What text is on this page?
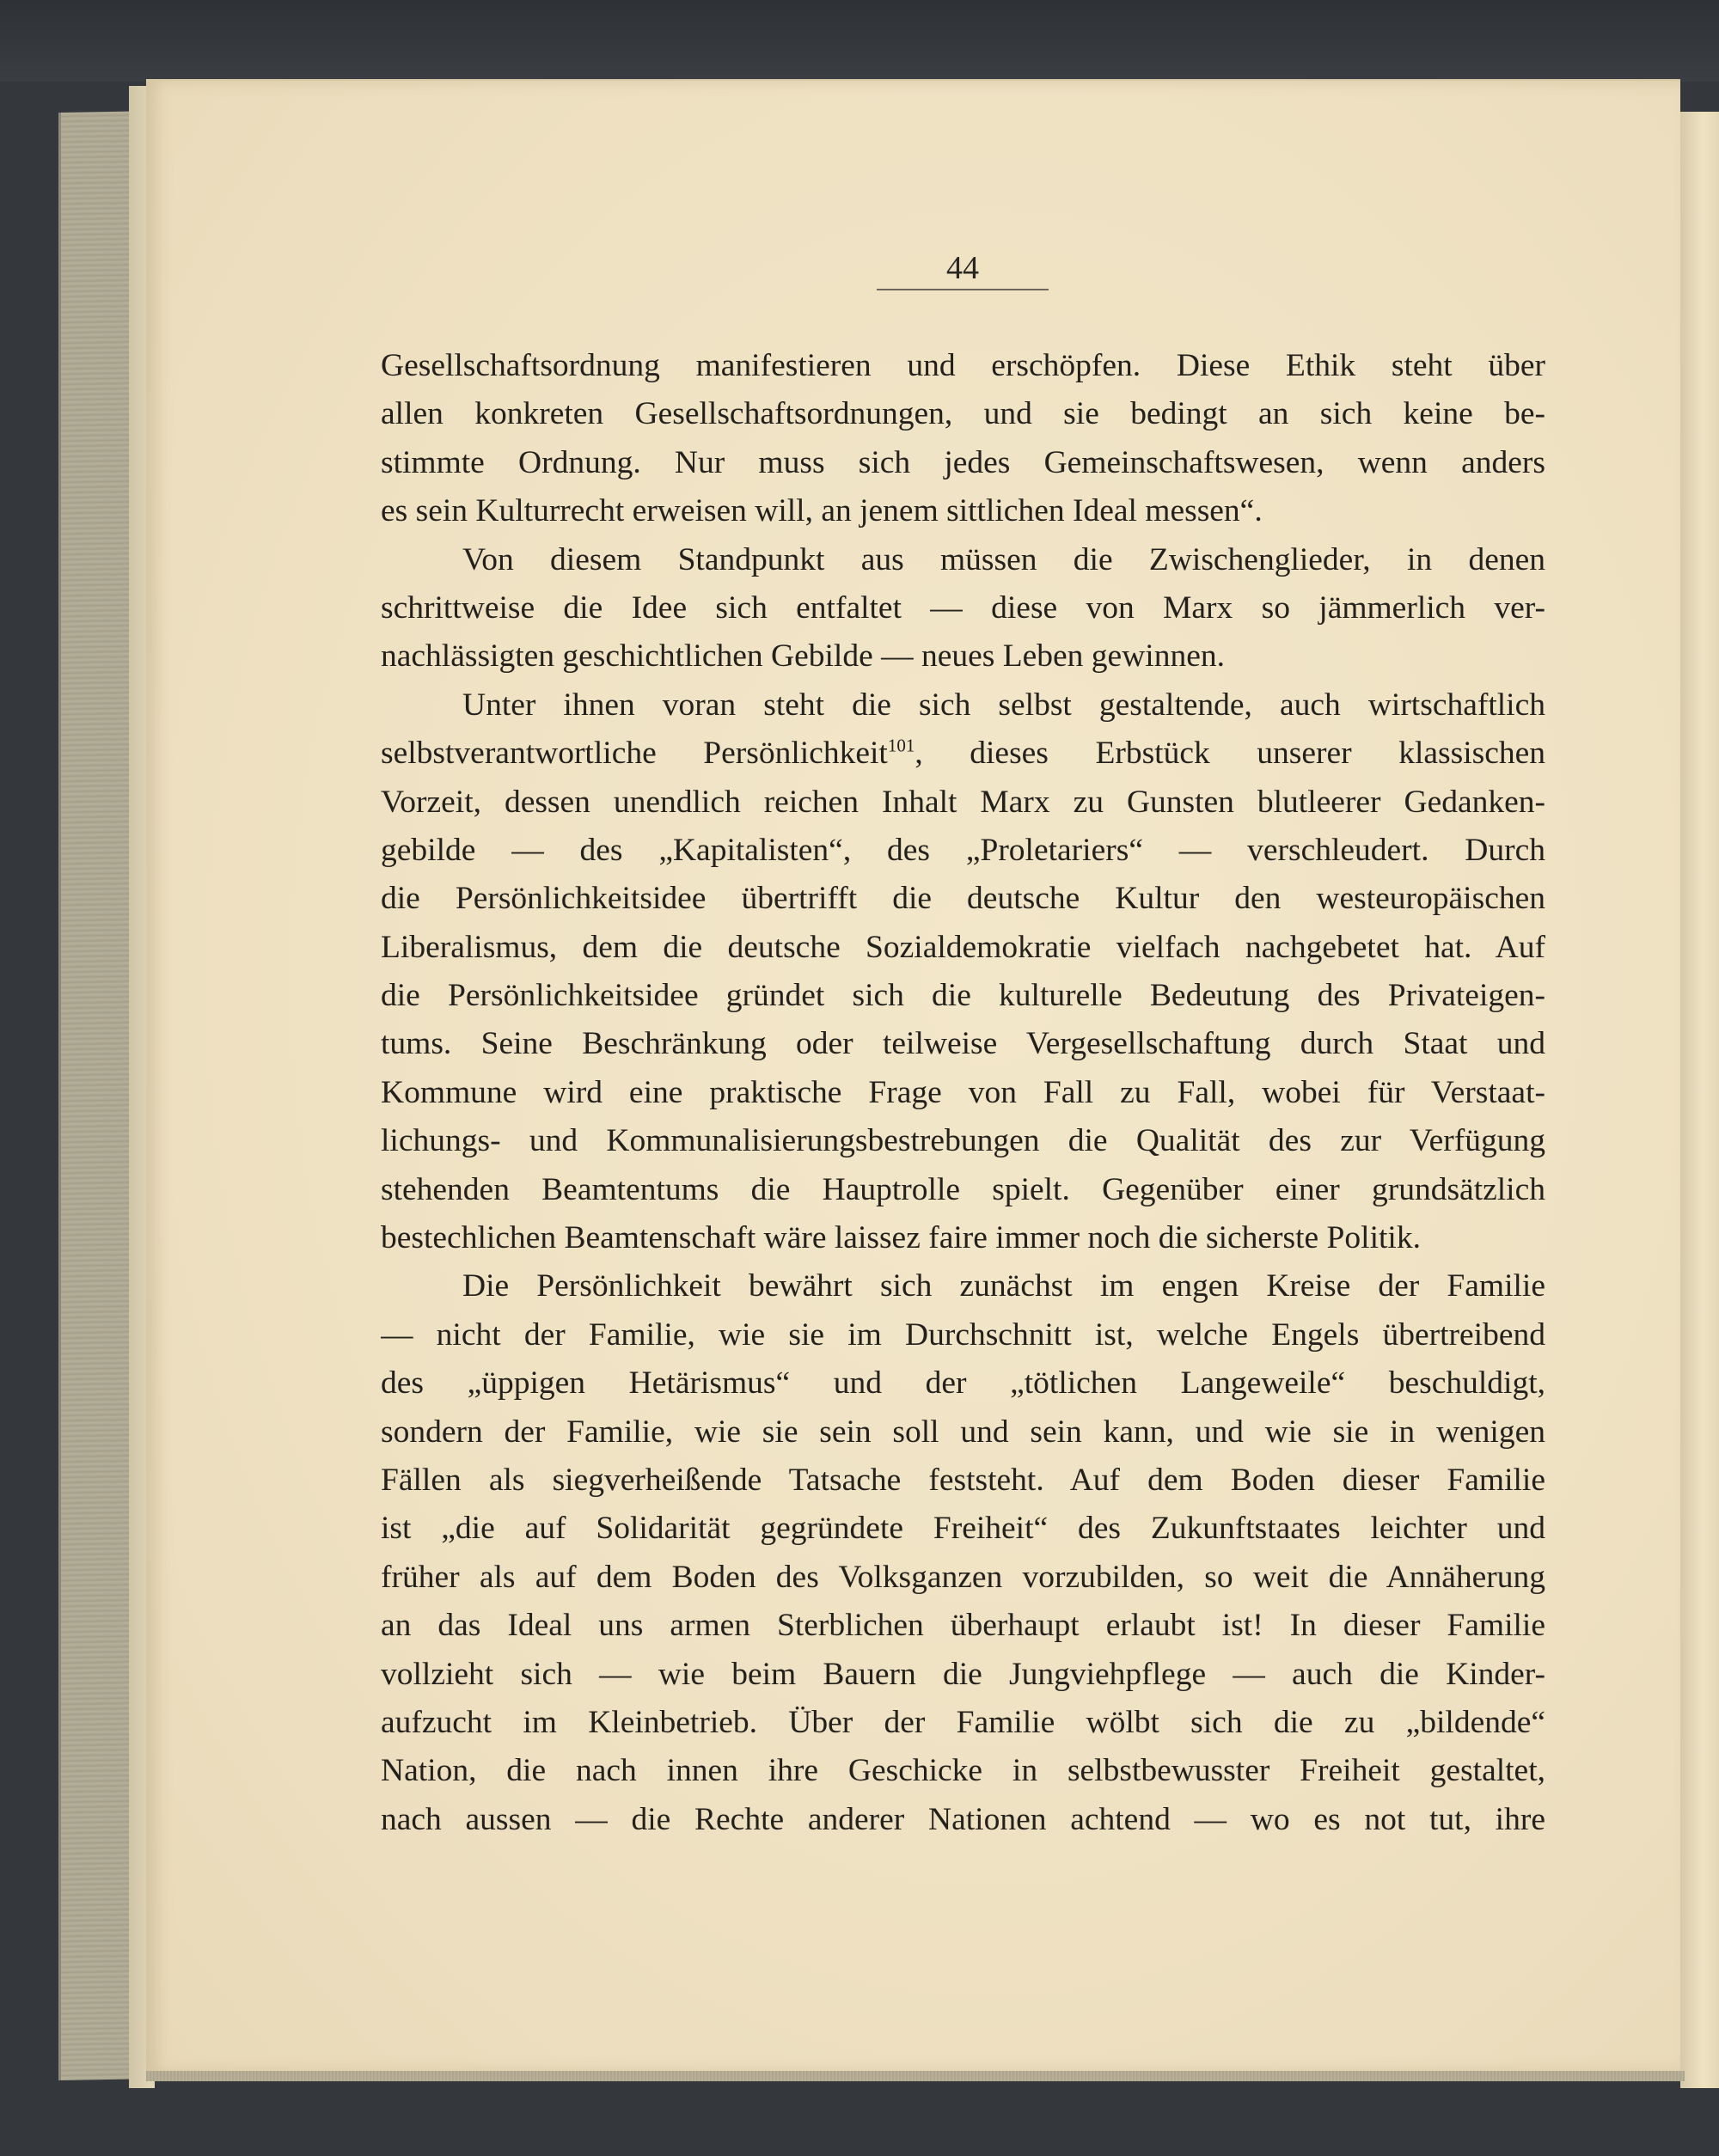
44
Gesellschaftsordnung manifestieren und erschöpfen. Diese Ethik steht über
allen konkreten Gesellschaftsordnungen, und sie bedingt an sich keine be-
stimmte Ordnung. Nur muss sich jedes Gemeinschaftswesen, wenn anders
es sein Kulturrecht erweisen will, an jenem sittlichen Ideal messen“.
Von diesem Standpunkt aus müssen die Zwischenglieder, in denen
schrittweise die Idee sich entfaltet — diese von Marx so jämmerlich ver-
nachlässigten geschichtlichen Gebilde — neues Leben gewinnen.
Unter ihnen voran steht die sich selbst gestaltende, auch wirtschaftlich
selbstverantwortliche Persönlichkeit$^{101}$, dieses Erbstück unserer klassischen
Vorzeit, dessen unendlich reichen Inhalt Marx zu Gunsten blutleerer Gedanken-
gebilde — des „Kapitalisten“, des „Proletariers“ — verschleudert. Durch
die Persönlichkeitsidee übertrifft die deutsche Kultur den westeuropäischen
Liberalismus, dem die deutsche Sozialdemokratie vielfach nachgebetet hat. Auf
die Persönlichkeitsidee gründet sich die kulturelle Bedeutung des Privateigen-
tums. Seine Beschränkung oder teilweise Vergesellschaftung durch Staat und
Kommune wird eine praktische Frage von Fall zu Fall, wobei für Verstaat-
lichungs- und Kommunalisierungsbestrebungen die Qualität des zur Verfügung
stehenden Beamtentums die Hauptrolle spielt. Gegenüber einer grundsätzlich
bestechlichen Beamtenschaft wäre laissez faire immer noch die sicherste Politik.
Die Persönlichkeit bewährt sich zunächst im engen Kreise der Familie
— nicht der Familie, wie sie im Durchschnitt ist, welche Engels übertreibend
des „üppigen Hetärismus“ und der „tötlichen Langeweile“ beschuldigt,
sondern der Familie, wie sie sein soll und sein kann, und wie sie in wenigen
Fällen als siegverheißende Tatsache feststeht. Auf dem Boden dieser Familie
ist „die auf Solidarität gegründete Freiheit“ des Zukunftstaates leichter und
früher als auf dem Boden des Volksganzen vorzubilden, so weit die Annäherung
an das Ideal uns armen Sterblichen überhaupt erlaubt ist! In dieser Familie
vollzieht sich — wie beim Bauern die Jungviehpflege — auch die Kinder-
aufzucht im Kleinbetrieb. Über der Familie wölbt sich die zu „bildende“
Nation, die nach innen ihre Geschicke in selbstbewusster Freiheit gestaltet,
nach aussen — die Rechte anderer Nationen achtend — wo es not tut, ihre
